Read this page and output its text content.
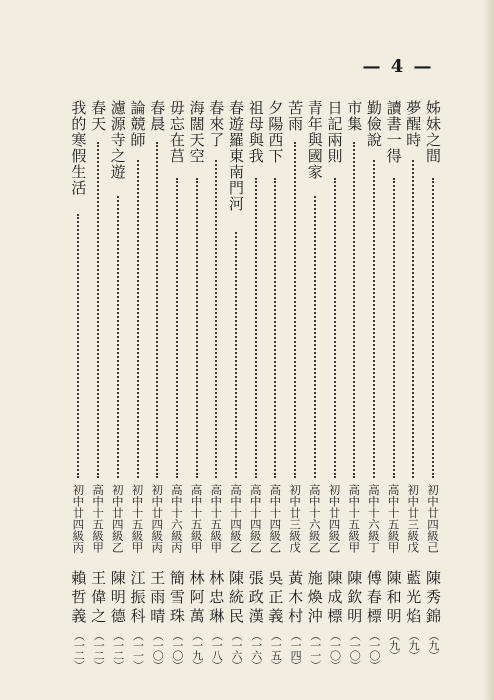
— 4 —
姊妹之間
初中廿四級己
陳秀錦
（九）
夢醒時
初中廿三級戊
藍光焰
（九）
讀書一得
高中十五級甲
陳和明
（九）
勤儉說
高中十六級丁
傅春標
（一〇）
市集
高中十五級甲
陳欽明
（一〇）
日記兩則
初中廿四級乙
陳成標
（一〇）
青年與國家
高中十六級乙
施煥沖
（一一）
苦雨
初中廿三級戊
黃木村
（一四）
夕陽西下
高中十四級乙
吳正義
（一五）
祖母與我
高中十四級乙
張政漢
（一六）
春遊羅東南門河
高中十四級乙
陳統民
（一六）
春來了
高中十五級甲
林忠琳
（一八）
海闊天空
高中十五級甲
林阿萬
（一九）
毋忘在莒
高中十六級丙
簡雪珠
（一〇）
春晨
初中廿四級丙
王雨晴
（一〇）
論競師
初中十五級甲
江振科
（一一）
濾源寺之遊
初中廿四級乙
陳明德
（一二）
春天
高中十五級甲
王偉之
（一二）
我的寒假生活
初中廿四級丙
賴哲義
（一二）
